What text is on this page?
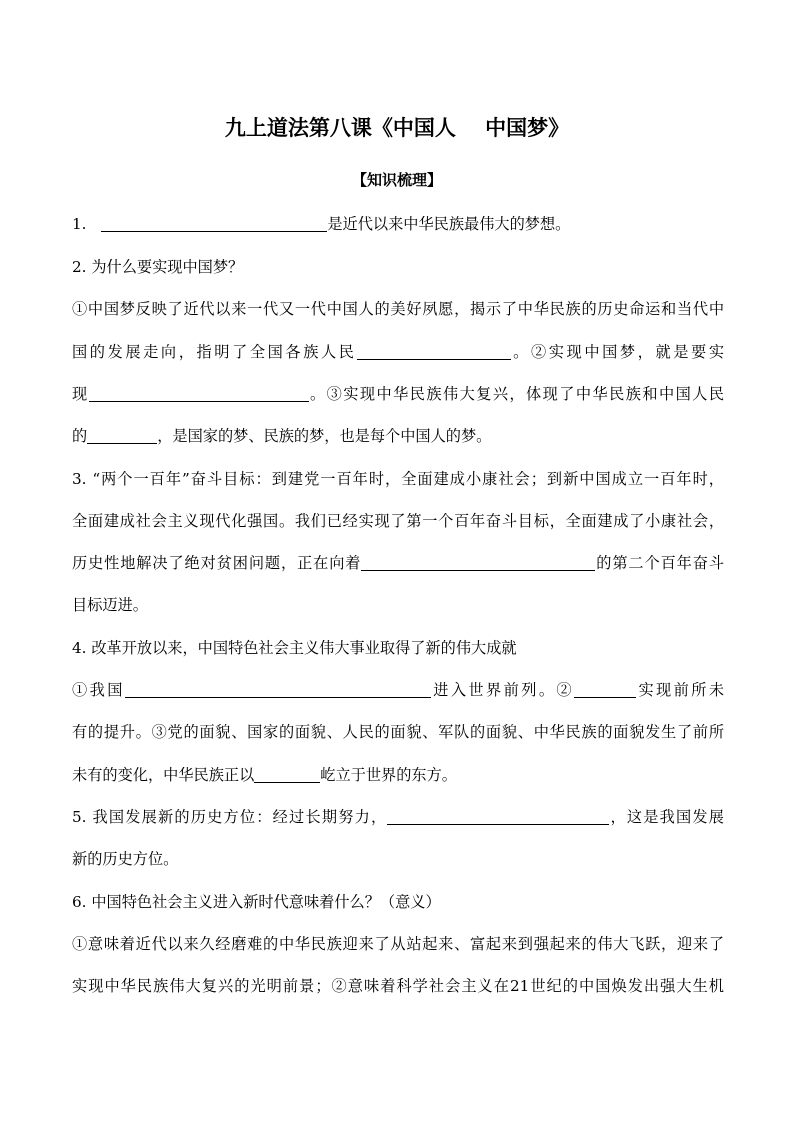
九上道法第八课《中国人    中国梦》
【知识梳理】
1.	是近代以来中华民族最伟大的梦想。
2. 为什么要实现中国梦？
①中国梦反映了近代以来一代又一代中国人的美好夙愿，揭示了中华民族的历史命运和当代中
国的发展走向，指明了全国各族人民	。②实现中国梦，就是要实
现	。③实现中华民族伟大复兴，体现了中华民族和中国人民
的	，是国家的梦、民族的梦，也是每个中国人的梦。
3. “两个一百年”奋斗目标：到建党一百年时，全面建成小康社会；到新中国成立一百年时，
全面建成社会主义现代化强国。我们已经实现了第一个百年奋斗目标，全面建成了小康社会，
历史性地解决了绝对贫困问题，正在向着	的第二个百年奋斗
目标迈进。
4. 改革开放以来，中国特色社会主义伟大事业取得了新的伟大成就
①我国	进入世界前列。②	实现前所未
有的提升。③党的面貌、国家的面貌、人民的面貌、军队的面貌、中华民族的面貌发生了前所
未有的变化，中华民族正以	屹立于世界的东方。
5. 我国发展新的历史方位：经过长期努力，	，这是我国发展
新的历史方位。
6. 中国特色社会主义进入新时代意味着什么？（意义）
①意味着近代以来久经磨难的中华民族迎来了从站起来、富起来到强起来的伟大飞跃，迎来了
实现中华民族伟大复兴的光明前景；②意味着科学社会主义在21世纪的中国焕发出强大生机
